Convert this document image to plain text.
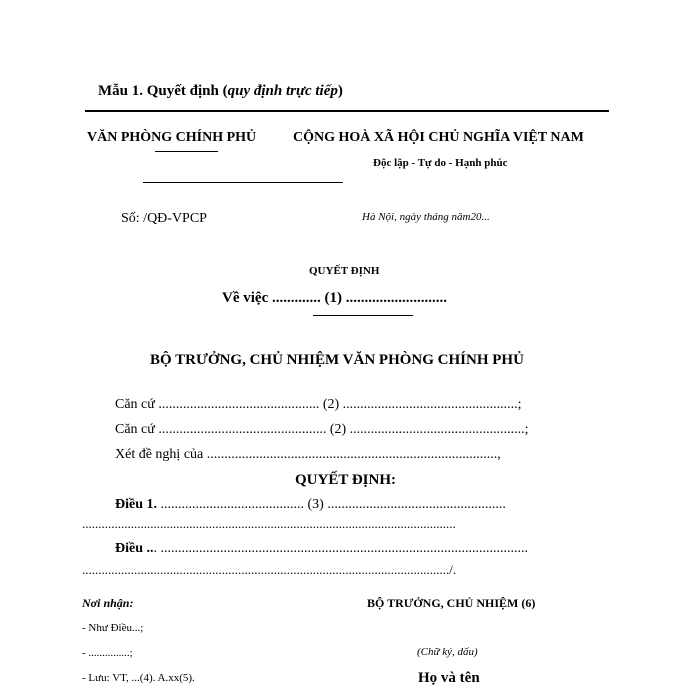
Mẫu 1. Quyết định (quy định trực tiếp)
VĂN PHÒNG CHÍNH PHỦ	CỘNG HOÀ XÃ HỘI CHỦ NGHĨA VIỆT NAM
Độc lập - Tự do - Hạnh phúc
Số: /QĐ-VPCP	Hà Nội, ngày tháng năm20...
QUYẾT ĐỊNH
Về việc ............. (1) ...........................
BỘ TRƯỞNG, CHỦ NHIỆM VĂN PHÒNG CHÍNH PHỦ
Căn cứ .............................................. (2) ..................................................;
Căn cứ ................................................ (2) ..................................................;
Xét đề nghị của ...................................................................................,
QUYẾT ĐỊNH:
Điều 1. ......................................... (3) ...................................................
...................................................................................................................
Điều ... .........................................................................................................
................................................................................................................./.
Nơi nhận:
- Như Điều...;
- ...............;
- Lưu: VT, ...(4). A.xx(5).
BỘ TRƯỞNG, CHỦ NHIỆM (6)
(Chữ ký, dấu)
Họ và tên
